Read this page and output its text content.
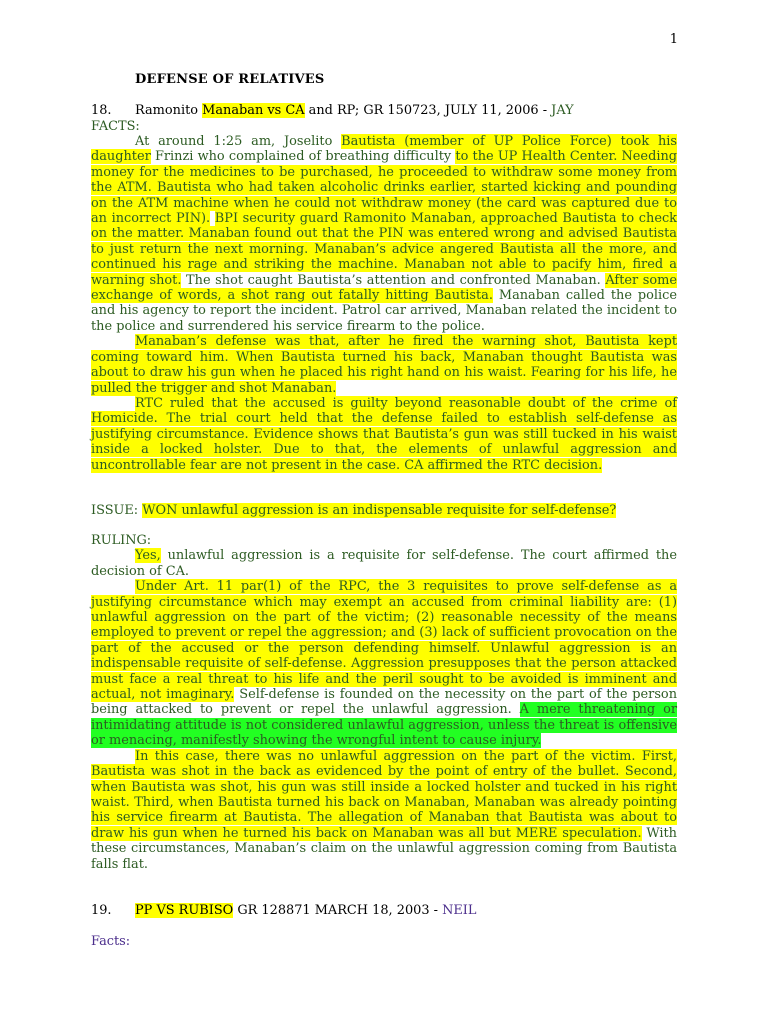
1
DEFENSE OF RELATIVES
18. Ramonito Manaban vs CA and RP; GR 150723, JULY 11, 2006 - JAY
FACTS:
At around 1:25 am, Joselito Bautista (member of UP Police Force) took his daughter Frinzi who complained of breathing difficulty to the UP Health Center. Needing money for the medicines to be purchased, he proceeded to withdraw some money from the ATM. Bautista who had taken alcoholic drinks earlier, started kicking and pounding on the ATM machine when he could not withdraw money (the card was captured due to an incorrect PIN). BPI security guard Ramonito Manaban, approached Bautista to check on the matter. Manaban found out that the PIN was entered wrong and advised Bautista to just return the next morning. Manaban’s advice angered Bautista all the more, and continued his rage and striking the machine. Manaban not able to pacify him, fired a warning shot. The shot caught Bautista’s attention and confronted Manaban. After some exchange of words, a shot rang out fatally hitting Bautista. Manaban called the police and his agency to report the incident. Patrol car arrived, Manaban related the incident to the police and surrendered his service firearm to the police.
Manaban’s defense was that, after he fired the warning shot, Bautista kept coming toward him. When Bautista turned his back, Manaban thought Bautista was about to draw his gun when he placed his right hand on his waist. Fearing for his life, he pulled the trigger and shot Manaban.
RTC ruled that the accused is guilty beyond reasonable doubt of the crime of Homicide. The trial court held that the defense failed to establish self-defense as justifying circumstance. Evidence shows that Bautista’s gun was still tucked in his waist inside a locked holster. Due to that, the elements of unlawful aggression and uncontrollable fear are not present in the case. CA affirmed the RTC decision.
ISSUE: WON unlawful aggression is an indispensable requisite for self-defense?
RULING:
Yes, unlawful aggression is a requisite for self-defense. The court affirmed the decision of CA.
Under Art. 11 par(1) of the RPC, the 3 requisites to prove self-defense as a justifying circumstance which may exempt an accused from criminal liability are: (1) unlawful aggression on the part of the victim; (2) reasonable necessity of the means employed to prevent or repel the aggression; and (3) lack of sufficient provocation on the part of the accused or the person defending himself. Unlawful aggression is an indispensable requisite of self-defense. Aggression presupposes that the person attacked must face a real threat to his life and the peril sought to be avoided is imminent and actual, not imaginary. Self-defense is founded on the necessity on the part of the person being attacked to prevent or repel the unlawful aggression. A mere threatening or intimidating attitude is not considered unlawful aggression, unless the threat is offensive or menacing, manifestly showing the wrongful intent to cause injury.
In this case, there was no unlawful aggression on the part of the victim. First, Bautista was shot in the back as evidenced by the point of entry of the bullet. Second, when Bautista was shot, his gun was still inside a locked holster and tucked in his right waist. Third, when Bautista turned his back on Manaban, Manaban was already pointing his service firearm at Bautista. The allegation of Manaban that Bautista was about to draw his gun when he turned his back on Manaban was all but MERE speculation. With these circumstances, Manaban’s claim on the unlawful aggression coming from Bautista falls flat.
19. PP VS RUBISO GR 128871 MARCH 18, 2003 - NEIL
Facts:
